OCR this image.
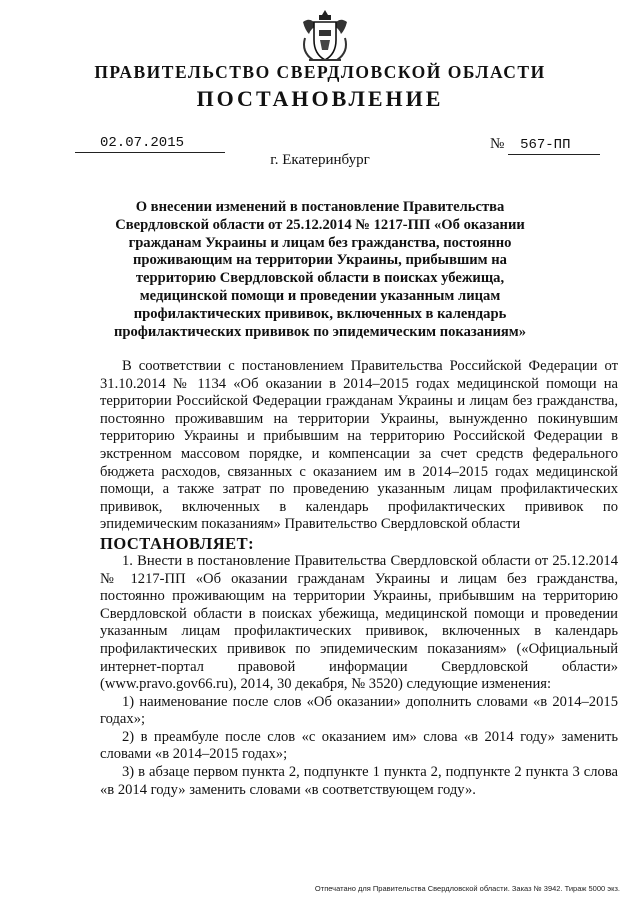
ПРАВИТЕЛЬСТВО СВЕРДЛОВСКОЙ ОБЛАСТИ
ПОСТАНОВЛЕНИЕ
02.07.2015	№ 567-ПП
г. Екатеринбург
О внесении изменений в постановление Правительства Свердловской области от 25.12.2014 № 1217-ПП «Об оказании гражданам Украины и лицам без гражданства, постоянно проживающим на территории Украины, прибывшим на территорию Свердловской области в поисках убежища, медицинской помощи и проведении указанным лицам профилактических прививок, включенных в календарь профилактических прививок по эпидемическим показаниям»

В соответствии с постановлением Правительства Российской Федерации от 31.10.2014 № 1134 «Об оказании в 2014–2015 годах медицинской помощи на территории Российской Федерации гражданам Украины и лицам без гражданства, постоянно проживавшим на территории Украины, вынужденно покинувшим территорию Украины и прибывшим на территорию Российской Федерации в экстренном массовом порядке, и компенсации за счет средств федерального бюджета расходов, связанных с оказанием им в 2014–2015 годах медицинской помощи, а также затрат по проведению указанным лицам профилактических прививок, включенных в календарь профилактических прививок по эпидемическим показаниям» Правительство Свердловской области

ПОСТАНОВЛЯЕТ:

1. Внести в постановление Правительства Свердловской области от 25.12.2014 № 1217-ПП «Об оказании гражданам Украины и лицам без гражданства, постоянно проживающим на территории Украины, прибывшим на территорию Свердловской области в поисках убежища, медицинской помощи и проведении указанным лицам профилактических прививок, включенных в календарь профилактических прививок по эпидемическим показаниям» («Официальный интернет-портал правовой информации Свердловской области» (www.pravo.gov66.ru), 2014, 30 декабря, № 3520) следующие изменения:

1) наименование после слов «Об оказании» дополнить словами «в 2014–2015 годах»;

2) в преамбуле после слов «с оказанием им» слова «в 2014 году» заменить словами «в 2014–2015 годах»;

3) в абзаце первом пункта 2, подпункте 1 пункта 2, подпункте 2 пункта 3 слова «в 2014 году» заменить словами «в соответствующем году».

Отпечатано для Правительства Свердловской области. Заказ № 3942. Тираж 5000 экз.
